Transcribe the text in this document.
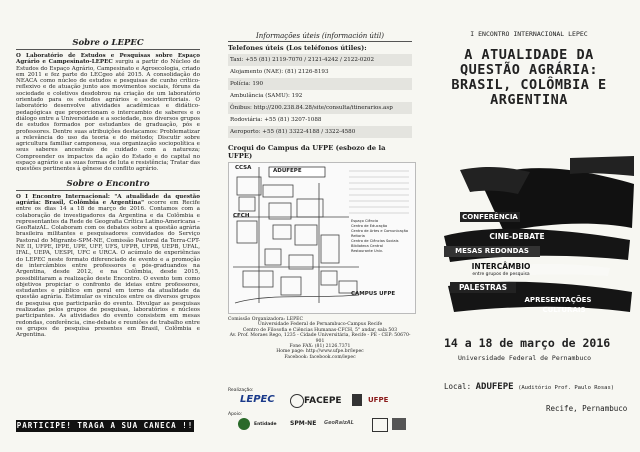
Sobre o LEPEC

O Laboratório de Estudos e Pesquisas sobre Espaço Agrário e Campesinato-LEPEC surgiu a partir do Núcleo de Estudos do Espaço Agrário, Campesinato e Agroecologia, criado em 2011 e fez parte do LECgeo até 2015. A consolidação do NEACA como núcleo de estudos e pesquisas de cunho crítico-reflexivo e de atuação junto aos movimentos sociais, fóruns da sociedade e coletivos desdobrou na criação de um laboratório orientado para os estudos agrários e socioterritoriais. O laboratório desenvolve atividades acadêmicas e didático-pedagógicas que proporcionam o intercambio de saberes e o diálogo entre a Universidade e a sociedade, nos diversos grupos de estudos formados por estudantes de graduação, pós e professores. Dentre suas atribuições destacamos: Problematizar a relevância do uso da teoria e do método; Discutir sobre agricultura familiar camponesa, sua organização sociopolítica e seus saberes ancestrais de cuidado com a natureza; Compreender os impactos da ação do Estado e do capital no espaço agrário e as suas formas de luta e resistência; Tratar das questões pertinentes à gênese do conflito agrário.

Sobre o Encontro

O I Encontro Internacional: "A atualidade da questão agrária: Brasil, Colômbia e Argentina" ocorre em Recife entre os dias 14 a 18 de março de 2016. Contamos com a colaboração de investigadores da Argentina e da Colômbia e representantes da Rede de Geografia Crítica Latino-Americana – GeoRaizAL. Colaboram com os debates sobre a questão agrária brasileira militantes e pesquisadores convidados do Serviço Pastoral do Migrante-SPM-NE, Comissão Pastoral da Terra-CPT-NE II, UFPE, IFPE, UPE, UFF, UFS, UFPR, UFPB, UEPB, UFAL, IFAL, UEPA, UESPI, UFC e URCA. O acúmulo de experiências do LEPEC neste formato diferenciado de evento e a promoção de intercâmbios entre professores e pós-graduandos na Argentina, desde 2012, e na Colômbia, desde 2015, possibilitaram a realização deste Encontro. O evento tem como objetivos propiciar o confronto de ideias entre professores, estudantes e público em geral em torno da atualidade da questão agrária. Estimular os vínculos entre os diversos grupos de pesquisa que participarão do evento. Divulgar as pesquisas realizadas pelos grupos de pesquisas, laboratórios e núcleos participantes. As atividades do evento consistem em mesas redondas, conferência, cine-debate e reuniões de trabalho entre os grupos de pesquisa presentes em Brasil, Colômbia e Argentina.

PARTICIPE! TRAGA A SUA CANECA !!
Informações úteis (información útil)
Telefones úteis (Los teléfonos útiles):
Taxi: +55 (81) 2119-7070 / 2121-4242 / 2122-0202
Alojamento (NAE): (81) 2126-8193
Polícia: 190
Ambulância (SAMU): 192
Ônibus: http://200.238.84.28/site/consulta/itinerarios.asp
Rodoviária: +55 (81) 3207-1088
Aeroporto: +55 (81) 3322-4188 / 3322-4580
Croqui do Campus da UFPE (esbozo de la UFPE)
CCSA
CFCH
ADUFEPE
CAMPUS UFPE
Espaço Ciência
Centro de Educação
Centro de Artes e Comunicação
Reitoria
Centro de Ciências Sociais
Biblioteca Central
Restaurante Univ.
Comissão Organizadora: LEPEC
Universidade Federal de Pernambuco-Campus Recife
Centro de Filosofia e Ciências Humanas-CFCH, 5° andar, sala 503
Av. Prof. Moraes Rego, 1235 - Cidade Universitária, Recife - PE - CEP: 50670-901
Fone FAX: (81) 2126.7371
Home page: http://www.ufpe.br/lepec
Facebook: facebook.com/lepec
Realização:
LEPEC	FACEPE	UFPE
Apoio:
Entidade SPM-NE GeoRaizAL
I ENCONTRO INTERNACIONAL LEPEC

A ATUALIDADE DA

QUESTÃO AGRÁRIA:

BRASIL, COLÔMBIA E

ARGENTINA

CONFERÊNCIA
CINE-DEBATE
MESAS REDONDAS
INTERCÂMBIO
entre grupos de pesquisa
PALESTRAS
APRESENTAÇÕES
CULTURAIS
14 a 18 de março de 2016
Universidade Federal de Pernambuco
Local: ADUFEPE (Auditório Prof. Paulo Rosas)
Recife, Pernambuco
